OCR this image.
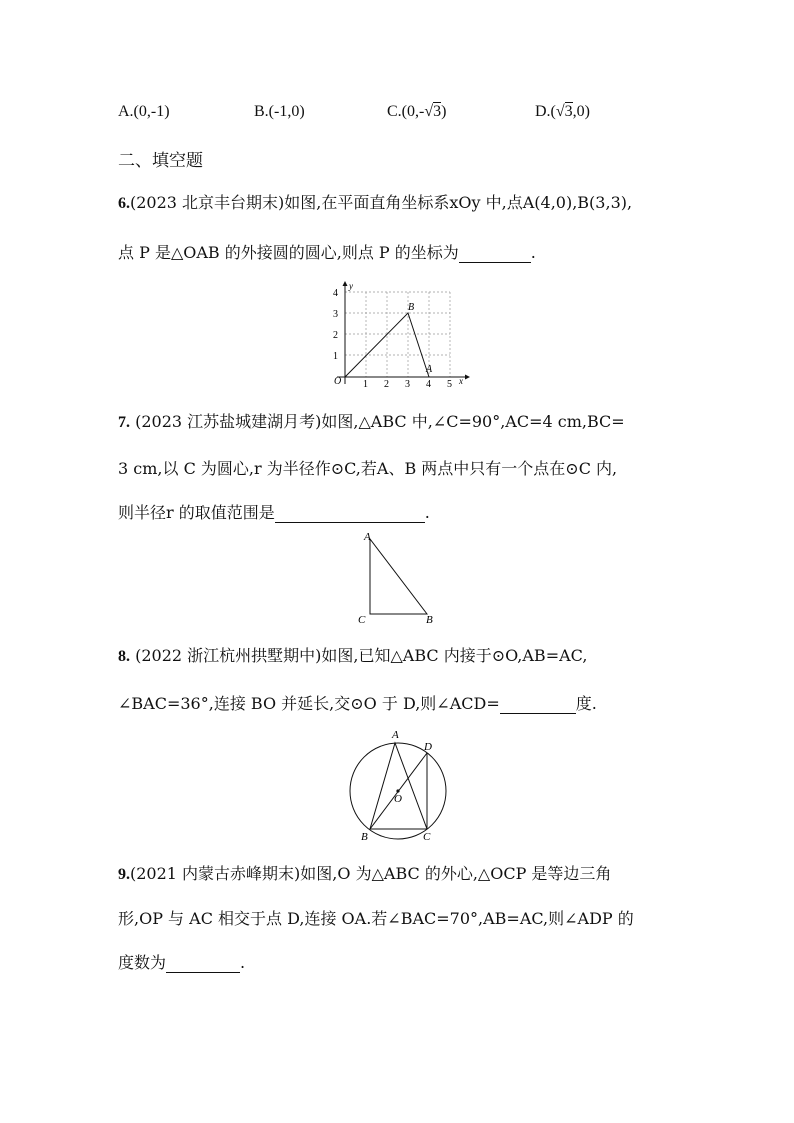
A.(0,-1)	B.(-1,0)	C.(0,-√3)	D.(√3,0)
二、填空题
6.(2023 北京丰台期末)如图,在平面直角坐标系xOy 中,点A(4,0),B(3,3),
点 P 是△OAB 的外接圆的圆心,则点 P 的坐标为	.
y
x
O 1 2 3 4 5
1
2
3
4
B
A
7. (2023 江苏盐城建湖月考)如图,△ABC 中,∠C=90°,AC=4 cm,BC=
3 cm,以 C 为圆心,r 为半径作⊙C,若A、B 两点中只有一个点在⊙C 内,
则半径r 的取值范围是	.
A
C	B
8. (2022 浙江杭州拱墅期中)如图,已知△ABC 内接于⊙O,AB=AC,
∠BAC=36°,连接 BO 并延长,交⊙O 于 D,则∠ACD=	度.
A
D
O
B	C
9.(2021 内蒙古赤峰期末)如图,O 为△ABC 的外心,△OCP 是等边三角
形,OP 与 AC 相交于点 D,连接 OA.若∠BAC=70°,AB=AC,则∠ADP 的
度数为	.
